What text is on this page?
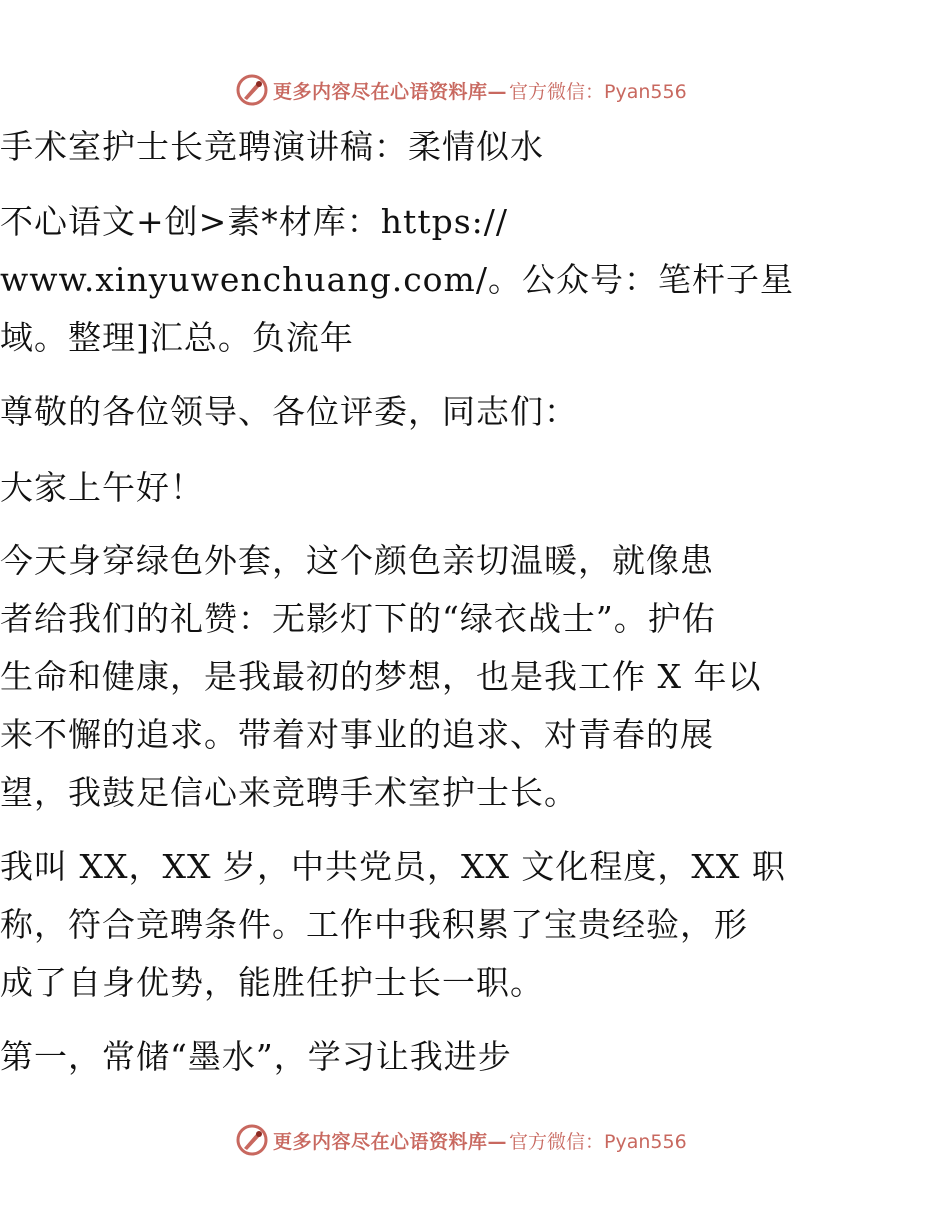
更多内容尽在心语资料库— 官方微信：Pyan556
手术室护士长竞聘演讲稿：柔情似水
不心语文+创>素*材库：https://
www.xinyuwenchuang.com/。公众号：笔杆子星
域。整理]汇总。负流年
尊敬的各位领导、各位评委，同志们：
大家上午好！
今天身穿绿色外套，这个颜色亲切温暖，就像患
者给我们的礼赞：无影灯下的“绿衣战士”。护佑
生命和健康，是我最初的梦想，也是我工作 X 年以
来不懈的追求。带着对事业的追求、对青春的展
望，我鼓足信心来竞聘手术室护士长。
我叫 XX，XX 岁，中共党员，XX 文化程度，XX 职
称，符合竞聘条件。工作中我积累了宝贵经验，形
成了自身优势，能胜任护士长一职。
第一，常储“墨水”，学习让我进步
更多内容尽在心语资料库— 官方微信：Pyan556
